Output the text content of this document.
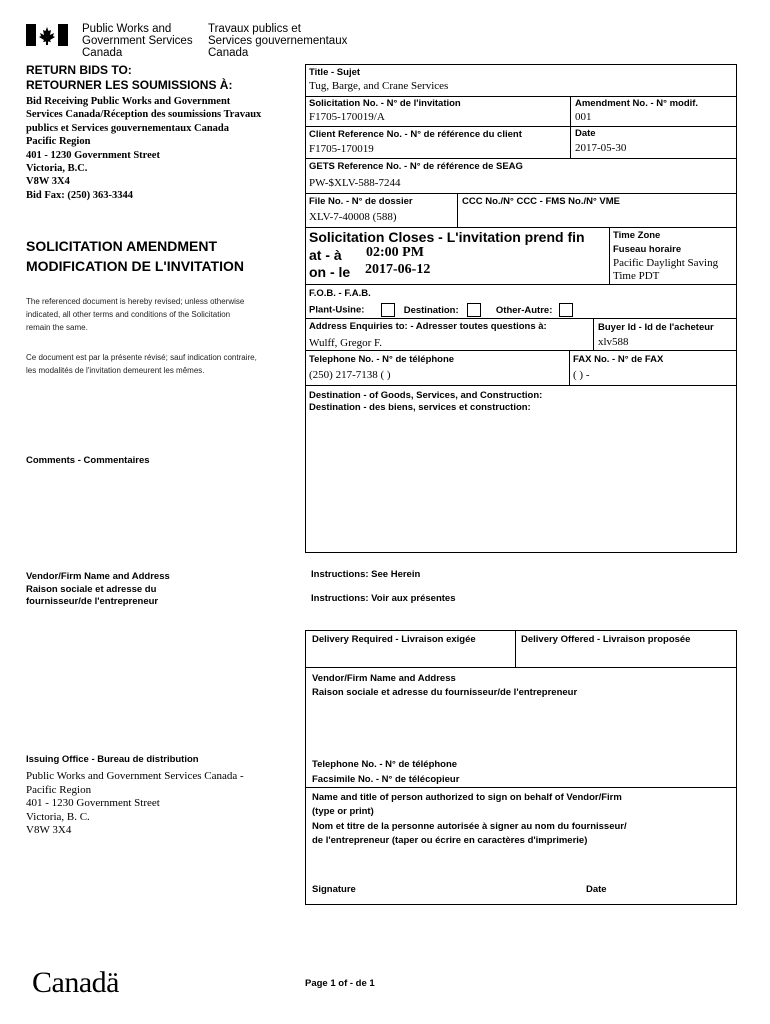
Public Works and
Government Services
Canada
Travaux publics et
Services gouvernementaux
Canada
RETURN BIDS TO:
RETOURNER LES SOUMISSIONS À:
Bid Receiving Public Works and Government
Services Canada/Réception des soumissions Travaux
publics et Services gouvernementaux Canada
Pacific Region
401 - 1230 Government Street
Victoria, B.C.
V8W 3X4
Bid Fax: (250) 363-3344
SOLICITATION AMENDMENT
MODIFICATION DE L'INVITATION
The referenced document is hereby revised; unless otherwise
indicated, all other terms and conditions of the Solicitation
remain the same.
Ce document est par la présente révisé; sauf indication contraire,
les modalités de l'invitation demeurent les mêmes.
Comments - Commentaires
Vendor/Firm Name and Address
Raison sociale et adresse du
fournisseur/de l'entrepreneur
Issuing Office - Bureau de distribution
Public Works and Government Services Canada -
Pacific Region
401 - 1230 Government Street
Victoria, B. C.
V8W 3X4
Title - Sujet
Tug, Barge, and Crane Services
Solicitation No. - N° de l'invitation
F1705-170019/A
Amendment No. - N° modif.
001
Client Reference No. - N° de référence du client
F1705-170019
Date
2017-05-30
GETS Reference No. - N° de référence de SEAG
PW-$XLV-588-7244
File No. - N° de dossier
XLV-7-40008 (588)
CCC No./N° CCC - FMS No./N° VME
Solicitation Closes - L'invitation prend fin
at - à 02:00 PM
on - le 2017-06-12
Time Zone
Fuseau horaire
Pacific Daylight Saving
Time PDT
F.O.B. - F.A.B.
Plant-Usine:	Destination:	Other-Autre:
Address Enquiries to: - Adresser toutes questions à:
Wulff, Gregor F.
Buyer Id - Id de l'acheteur
xlv588
Telephone No. - N° de téléphone
(250) 217-7138 ( )
FAX No. - N° de FAX
( ) -
Destination - of Goods, Services, and Construction:
Destination - des biens, services et construction:
Instructions: See Herein
Instructions: Voir aux présentes
Delivery Required - Livraison exigée	Delivery Offered - Livraison proposée
Vendor/Firm Name and Address
Raison sociale et adresse du fournisseur/de l'entrepreneur
Telephone No. - N° de téléphone
Facsimile No. - N° de télécopieur
Name and title of person authorized to sign on behalf of Vendor/Firm
(type or print)
Nom et titre de la personne autorisée à signer au nom du fournisseur/
de l'entrepreneur (taper ou écrire en caractères d'imprimerie)
Signature	Date
Canadä	Page 1 of - de 1
